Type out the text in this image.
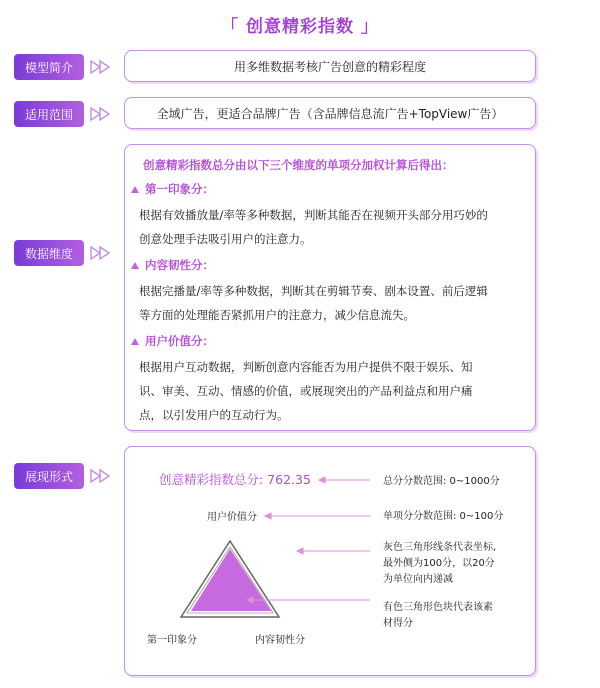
「 创意精彩指数 」
模型简介	用多维数据考核广告创意的精彩程度
适用范围	全域广告，更适合品牌广告（含品牌信息流广告+TopView广告）
数据维度
创意精彩指数总分由以下三个维度的单项分加权计算后得出：
第一印象分：
根据有效播放量/率等多种数据，判断其能否在视频开头部分用巧妙的
创意处理手法吸引用户的注意力。
内容韧性分：
根据完播量/率等多种数据，判断其在剪辑节奏、剧本设置、前后逻辑
等方面的处理能否紧抓用户的注意力，减少信息流失。
用户价值分：
根据用户互动数据，判断创意内容能否为用户提供不限于娱乐、知
识、审美、互动、情感的价值，或展现突出的产品利益点和用户痛
点，以引发用户的互动行为。
展现形式	创意精彩指数总分: 762.35
用户价值分
第一印象分	内容韧性分
总分分数范围: 0~1000分
单项分分数范围: 0~100分
灰色三角形线条代表坐标,
最外侧为100分，以20分
为单位向内递减
有色三角形色块代表该素
材得分
